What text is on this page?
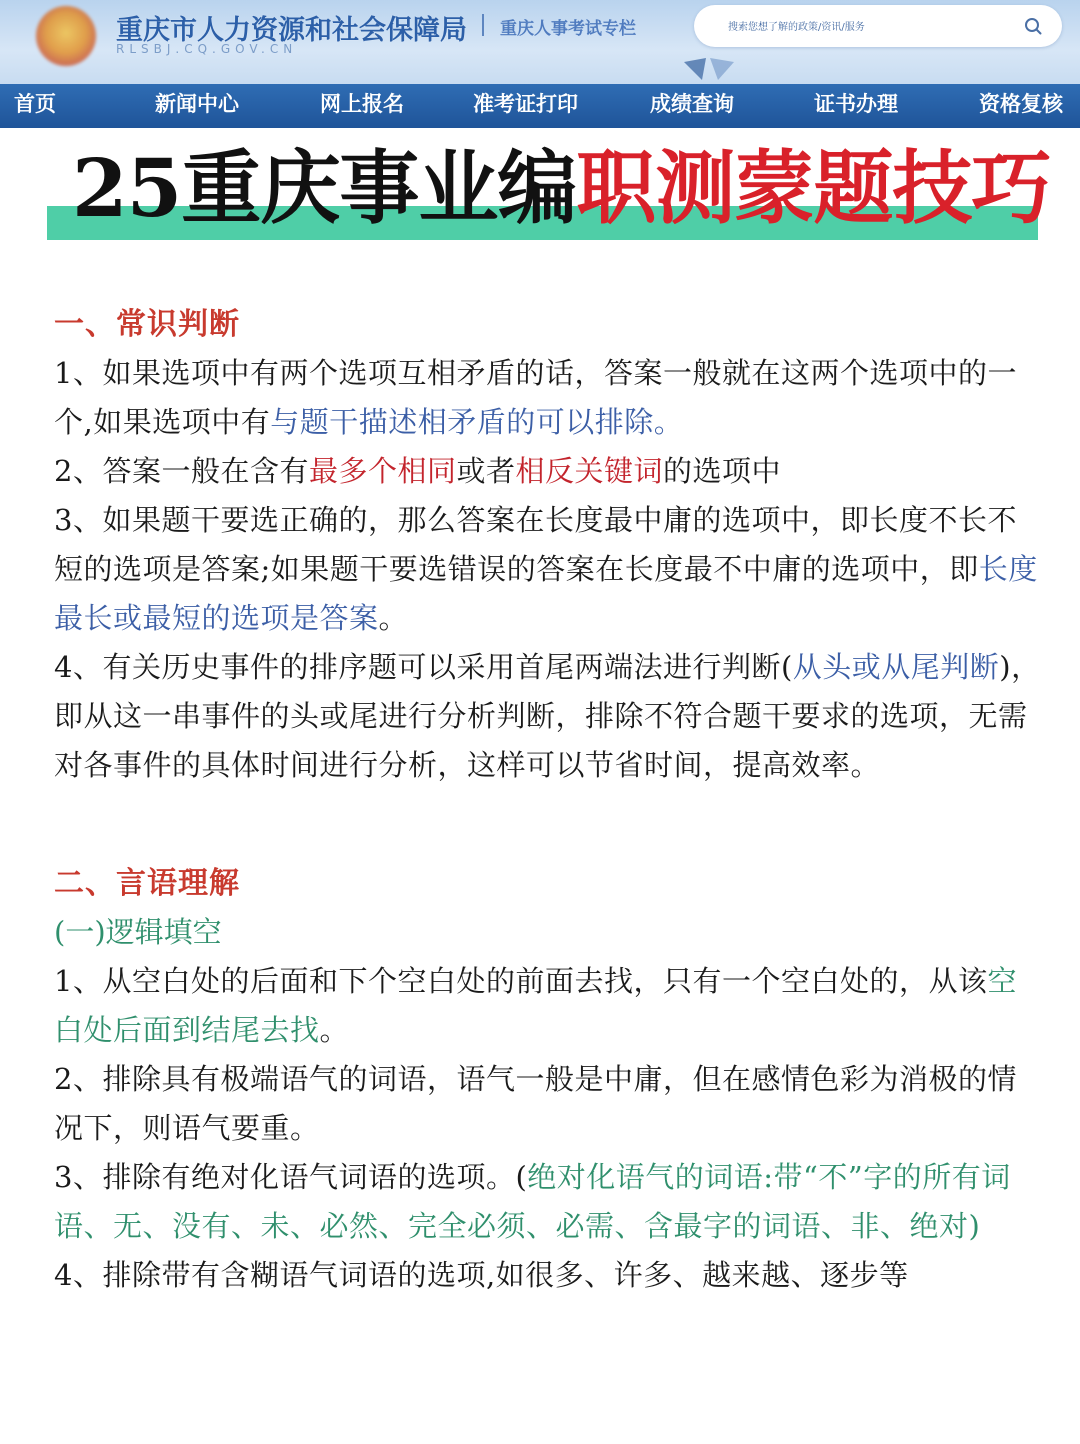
重庆市人力资源和社会保障局 重庆人事考试专栏
RLSBJ.CQ.GOV.CN
搜索您想了解的政策/资讯/服务
首页	新闻中心	网上报名	准考证打印	成绩查询	证书办理	资格复核
25重庆事业编职测蒙题技巧
一、常识判断
1、如果选项中有两个选项互相矛盾的话，答案一般就在这两个选项中的一个,如果选项中有与题干描述相矛盾的可以排除。
2、答案一般在含有最多个相同或者相反关键词的选项中
3、如果题干要选正确的，那么答案在长度最中庸的选项中，即长度不长不短的选项是答案;如果题干要选错误的答案在长度最不中庸的选项中，即长度最长或最短的选项是答案。
4、有关历史事件的排序题可以采用首尾两端法进行判断(从头或从尾判断)，即从这一串事件的头或尾进行分析判断，排除不符合题干要求的选项，无需对各事件的具体时间进行分析，这样可以节省时间，提高效率。
二、言语理解
(一)逻辑填空
1、从空白处的后面和下个空白处的前面去找，只有一个空白处的，从该空白处后面到结尾去找。
2、排除具有极端语气的词语，语气一般是中庸，但在感情色彩为消极的情况下，则语气要重。
3、排除有绝对化语气词语的选项。(绝对化语气的词语:带“不”字的所有词语、无、没有、未、必然、完全必须、必需、含最字的词语、非、绝对)
4、排除带有含糊语气词语的选项,如很多、许多、越来越、逐步等
